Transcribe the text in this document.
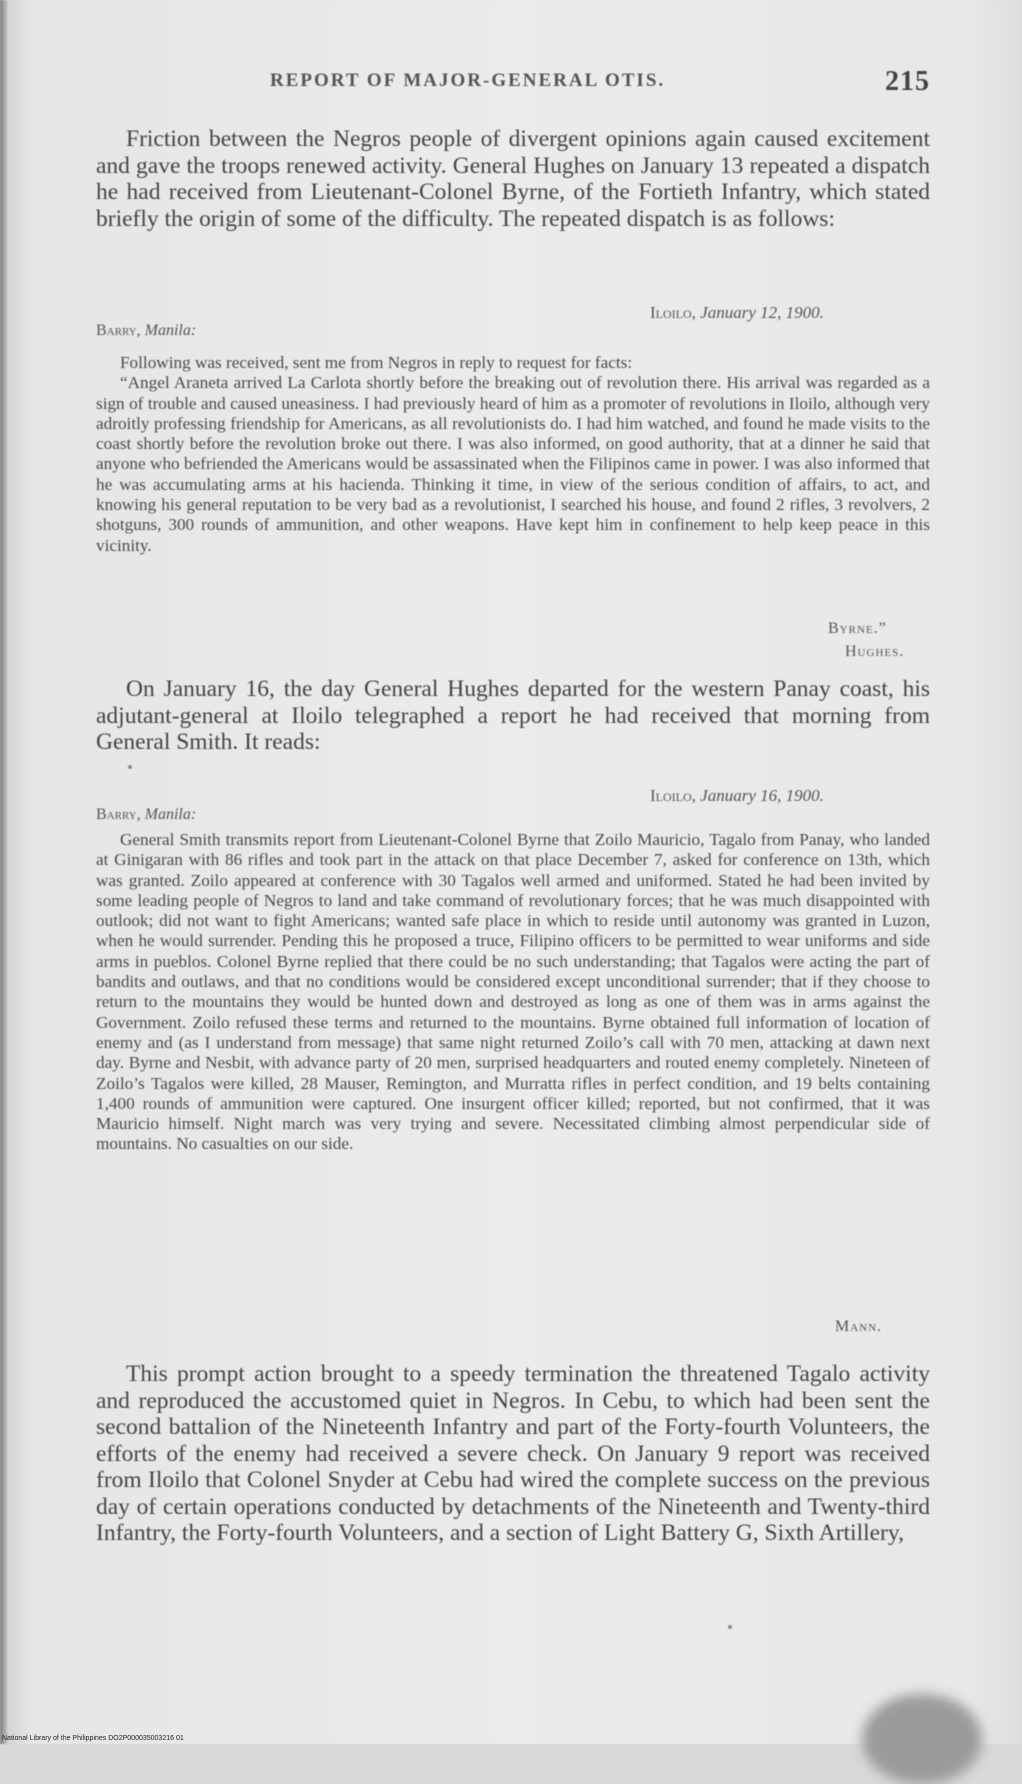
REPORT OF MAJOR-GENERAL OTIS.	215
Friction between the Negros people of divergent opinions again caused excitement and gave the troops renewed activity. General Hughes on January 13 repeated a dispatch he had received from Lieutenant-Colonel Byrne, of the Fortieth Infantry, which stated briefly the origin of some of the difficulty. The repeated dispatch is as follows:
Iloilo, January 12, 1900.
Barry, Manila:

Following was received, sent me from Negros in reply to request for facts:

“Angel Araneta arrived La Carlota shortly before the breaking out of revolution there. His arrival was regarded as a sign of trouble and caused uneasiness. I had previously heard of him as a promoter of revolutions in Iloilo, although very adroitly professing friendship for Americans, as all revolutionists do. I had him watched, and found he made visits to the coast shortly before the revolution broke out there. I was also informed, on good authority, that at a dinner he said that anyone who befriended the Americans would be assassinated when the Filipinos came in power. I was also informed that he was accumulating arms at his hacienda. Thinking it time, in view of the serious condition of affairs, to act, and knowing his general reputation to be very bad as a revolutionist, I searched his house, and found 2 rifles, 3 revolvers, 2 shotguns, 300 rounds of ammunition, and other weapons. Have kept him in confinement to help keep peace in this vicinity.

Byrne.”
Hughes.
On January 16, the day General Hughes departed for the western Panay coast, his adjutant-general at Iloilo telegraphed a report he had received that morning from General Smith. It reads:
Iloilo, January 16, 1900.
Barry, Manila:

General Smith transmits report from Lieutenant-Colonel Byrne that Zoilo Mauricio, Tagalo from Panay, who landed at Ginigaran with 86 rifles and took part in the attack on that place December 7, asked for conference on 13th, which was granted. Zoilo appeared at conference with 30 Tagalos well armed and uniformed. Stated he had been invited by some leading people of Negros to land and take command of revolutionary forces; that he was much disappointed with outlook; did not want to fight Americans; wanted safe place in which to reside until autonomy was granted in Luzon, when he would surrender. Pending this he proposed a truce, Filipino officers to be permitted to wear uniforms and side arms in pueblos. Colonel Byrne replied that there could be no such understanding; that Tagalos were acting the part of bandits and outlaws, and that no conditions would be considered except unconditional surrender; that if they choose to return to the mountains they would be hunted down and destroyed as long as one of them was in arms against the Government. Zoilo refused these terms and returned to the mountains. Byrne obtained full information of location of enemy and (as I understand from message) that same night returned Zoilo’s call with 70 men, attacking at dawn next day. Byrne and Nesbit, with advance party of 20 men, surprised headquarters and routed enemy completely. Nineteen of Zoilo’s Tagalos were killed, 28 Mauser, Remington, and Murratta rifles in perfect condition, and 19 belts containing 1,400 rounds of ammunition were captured. One insurgent officer killed; reported, but not confirmed, that it was Mauricio himself. Night march was very trying and severe. Necessitated climbing almost perpendicular side of mountains. No casualties on our side.

Mann.
This prompt action brought to a speedy termination the threatened Tagalo activity and reproduced the accustomed quiet in Negros. In Cebu, to which had been sent the second battalion of the Nineteenth Infantry and part of the Forty-fourth Volunteers, the efforts of the enemy had received a severe check. On January 9 report was received from Iloilo that Colonel Snyder at Cebu had wired the complete success on the previous day of certain operations conducted by detachments of the Nineteenth and Twenty-third Infantry, the Forty-fourth Volunteers, and a section of Light Battery G, Sixth Artillery,
National Library of the Philippines DO2P000035003216 01
